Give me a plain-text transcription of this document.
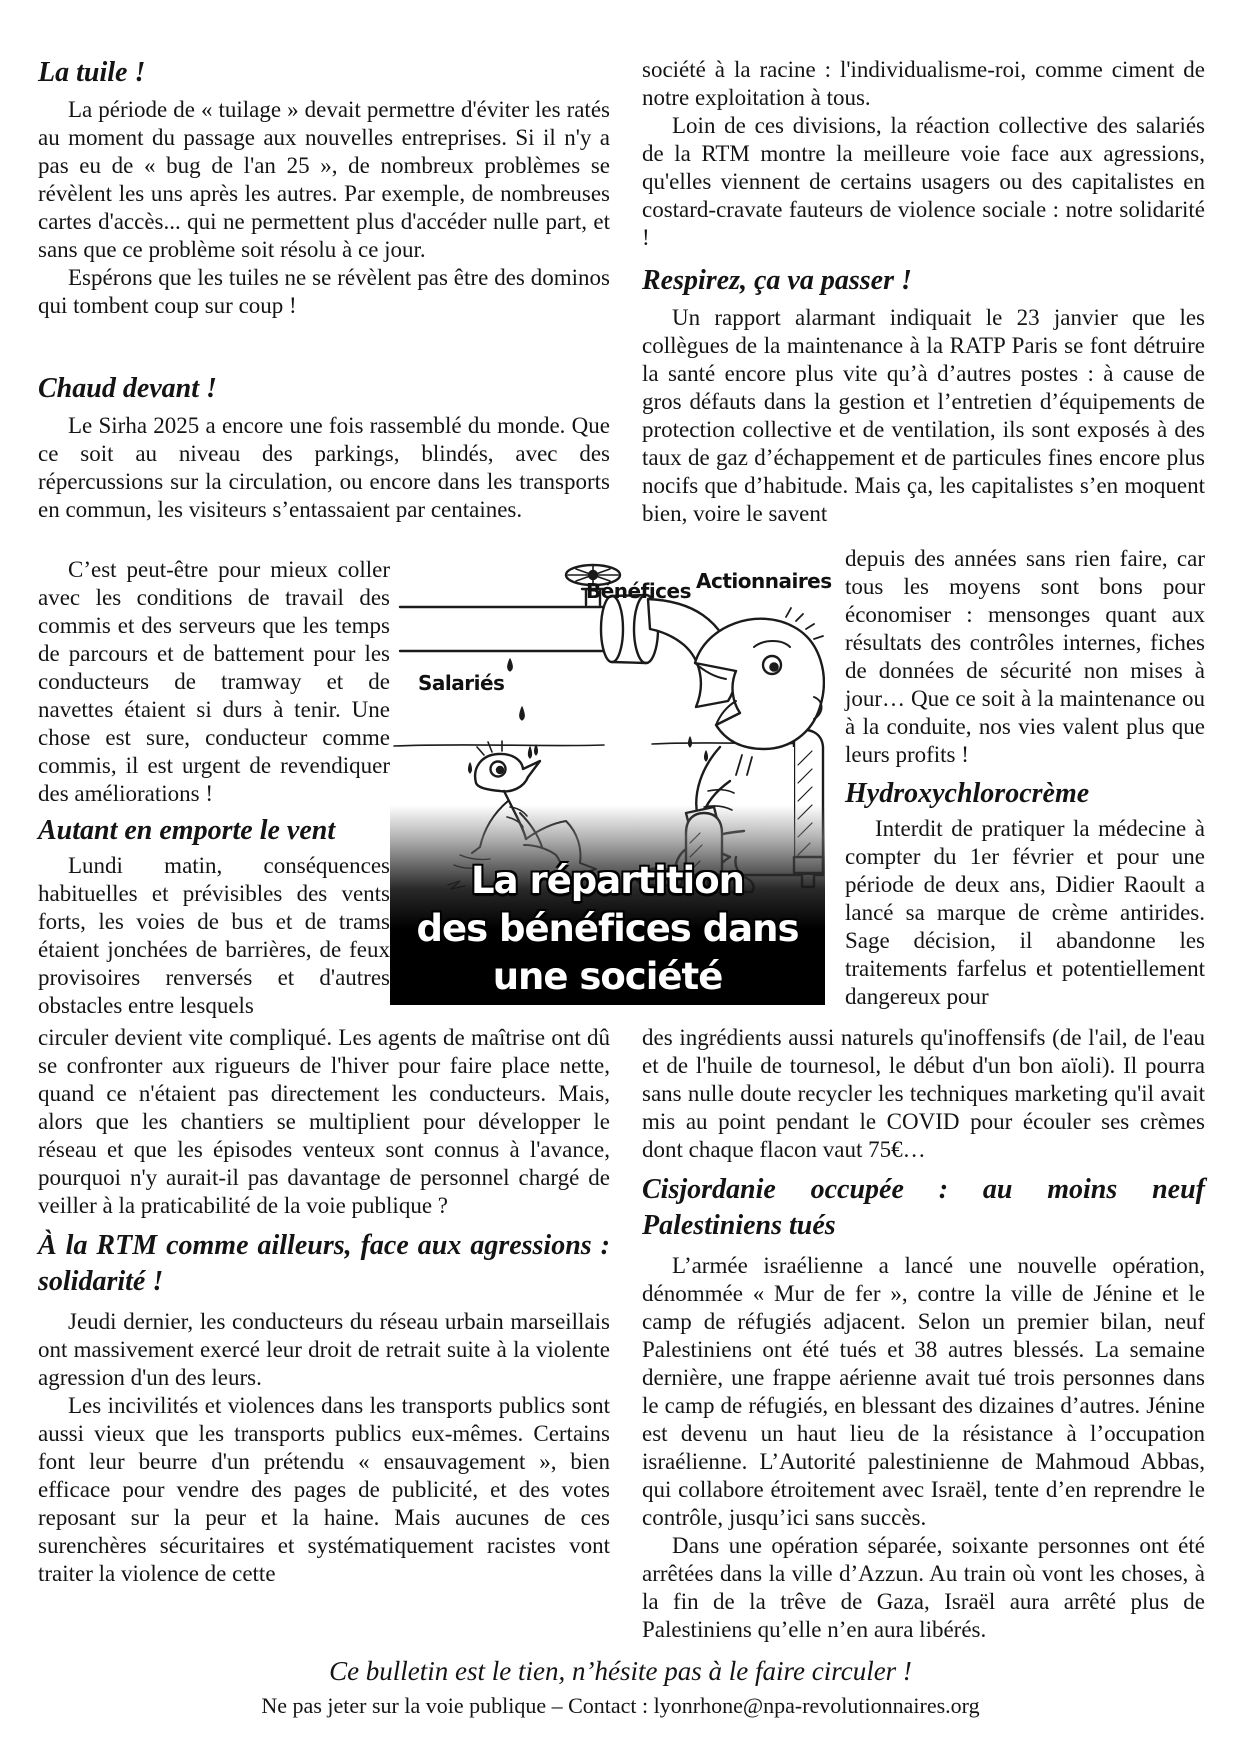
La tuile !

La période de « tuilage » devait permettre d'éviter les ratés au moment du passage aux nouvelles entreprises. Si il n'y a pas eu de « bug de l'an 25 », de nombreux problèmes se révèlent les uns après les autres. Par exemple, de nombreuses cartes d'accès... qui ne permettent plus d'accéder nulle part, et sans que ce problème soit résolu à ce jour.

Espérons que les tuiles ne se révèlent pas être des dominos qui tombent coup sur coup !

Chaud devant !

Le Sirha 2025 a encore une fois rassemblé du monde. Que ce soit au niveau des parkings, blindés, avec des répercussions sur la circulation, ou encore dans les transports en commun, les visiteurs s’entassaient par centaines.

C’est peut-être pour mieux coller avec les conditions de travail des commis et des serveurs que les temps de parcours et de battement pour les conducteurs de tramway et de navettes étaient si durs à tenir. Une chose est sure, conducteur comme commis, il est urgent de revendiquer des améliorations !

Autant en emporte le vent

Lundi matin, conséquences habituelles et prévisibles des vents forts, les voies de bus et de trams étaient jonchées de barrières, de feux provisoires renversés et d'autres obstacles entre lesquels

circuler devient vite compliqué. Les agents de maîtrise ont dû se confronter aux rigueurs de l'hiver pour faire place nette, quand ce n'étaient pas directement les conducteurs. Mais, alors que les chantiers se multiplient pour développer le réseau et que les épisodes venteux sont connus à l'avance, pourquoi n'y aurait-il pas davantage de personnel chargé de veiller à la praticabilité de la voie publique ?

À la RTM comme ailleurs, face aux agressions :
solidarité !

Jeudi dernier, les conducteurs du réseau urbain marseillais ont massivement exercé leur droit de retrait suite à la violente agression d'un des leurs.

Les incivilités et violences dans les transports publics sont aussi vieux que les transports publics eux-mêmes. Certains font leur beurre d'un prétendu « ensauvagement », bien efficace pour vendre des pages de publicité, et des votes reposant sur la peur et la haine. Mais aucunes de ces surenchères sécuritaires et systématiquement racistes vont traiter la violence de cette

société à la racine : l'individualisme-roi, comme ciment de notre exploitation à tous.

Loin de ces divisions, la réaction collective des salariés de la RTM montre la meilleure voie face aux agressions, qu'elles viennent de certains usagers ou des capitalistes en costard-cravate fauteurs de violence sociale : notre solidarité !

Respirez, ça va passer !

Un rapport alarmant indiquait le 23 janvier que les collègues de la maintenance à la RATP Paris se font détruire la santé encore plus vite qu’à d’autres postes : à cause de gros défauts dans la gestion et l’entretien d’équipements de protection collective et de ventilation, ils sont exposés à des taux de gaz d’échappement et de particules fines encore plus nocifs que d’habitude. Mais ça, les capitalistes s’en moquent bien, voire le savent

depuis des années sans rien faire, car tous les moyens sont bons pour économiser : mensonges quant aux résultats des contrôles internes, fiches de données de sécurité non mises à jour… Que ce soit à la maintenance ou à la conduite, nos vies valent plus que leurs profits !

Hydroxychlorocrème

Interdit de pratiquer la médecine à compter du 1er février et pour une période de deux ans, Didier Raoult a lancé sa marque de crème antirides. Sage décision, il abandonne les traitements farfelus et potentiellement dangereux pour

des ingrédients aussi naturels qu'inoffensifs (de l'ail, de l'eau et de l'huile de tournesol, le début d'un bon aïoli). Il pourra sans nulle doute recycler les techniques marketing qu'il avait mis au point pendant le COVID pour écouler ses crèmes dont chaque flacon vaut 75€…

Cisjordanie occupée : au moins neuf
Palestiniens tués

L’armée israélienne a lancé une nouvelle opération, dénommée « Mur de fer », contre la ville de Jénine et le camp de réfugiés adjacent. Selon un premier bilan, neuf Palestiniens ont été tués et 38 autres blessés. La semaine dernière, une frappe aérienne avait tué trois personnes dans le camp de réfugiés, en blessant des dizaines d’autres. Jénine est devenu un haut lieu de la résistance à l’occupation israélienne. L’Autorité palestinienne de Mahmoud Abbas, qui collabore étroitement avec Israël, tente d’en reprendre le contrôle, jusqu’ici sans succès.

Dans une opération séparée, soixante personnes ont été arrêtées dans la ville d’Azzun. Au train où vont les choses, à la fin de la trêve de Gaza, Israël aura arrêté plus de Palestiniens qu’elle n’en aura libérés.

Bénéfices Actionnaires
Salariés
La répartition
des bénéfices dans
une société
Ce bulletin est le tien, n’hésite pas à le faire circuler !
Ne pas jeter sur la voie publique – Contact : lyonrhone@npa-revolutionnaires.org
